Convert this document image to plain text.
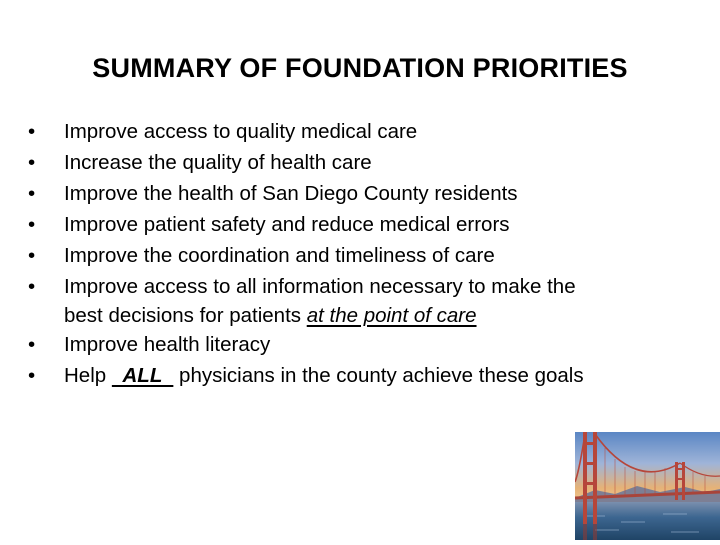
SUMMARY OF FOUNDATION PRIORITIES
• Improve access to quality medical care
• Increase the quality of health care
• Improve the health of San Diego County residents
• Improve patient safety and reduce medical errors
• Improve the coordination and timeliness of care
• Improve access to all information necessary to make the
best decisions for patients at the point of care
• Improve health literacy
• Help   ALL   physicians in the county achieve these goals
